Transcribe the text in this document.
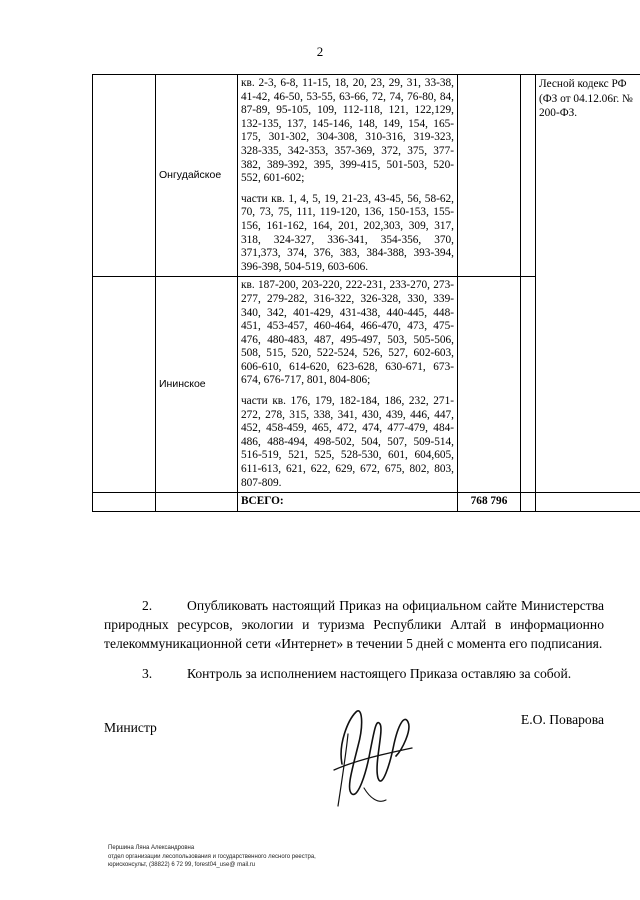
2
	Онгудайское	кв. 2-3, 6-8, 11-15, 18, 20, 23, 29, 31, 33-38, 41-42, 46-50, 53-55, 63-66, 72, 74, 76-80, 84, 87-89, 95-105, 109, 112-118, 121, 122,129, 132-135, 137, 145-146, 148, 149, 154, 165-175, 301-302, 304-308, 310-316, 319-323, 328-335, 342-353, 357-369, 372, 375, 377-382, 389-392, 395, 399-415, 501-503, 520-552, 601-602;

части кв. 1, 4, 5, 19, 21-23, 43-45, 56, 58-62, 70, 73, 75, 111, 119-120, 136, 150-153, 155-156, 161-162, 164, 201, 202,303, 309, 317, 318, 324-327, 336-341, 354-356, 370, 371,373, 374, 376, 383, 384-388, 393-394, 396-398, 504-519, 603-606.			Лесной кодекс РФ (ФЗ от 04.12.06г. № 200-ФЗ.
	Ининское	кв. 187-200, 203-220, 222-231, 233-270, 273-277, 279-282, 316-322, 326-328, 330, 339-340, 342, 401-429, 431-438, 440-445, 448-451, 453-457, 460-464, 466-470, 473, 475-476, 480-483, 487, 495-497, 503, 505-506, 508, 515, 520, 522-524, 526, 527, 602-603, 606-610, 614-620, 623-628, 630-671, 673-674, 676-717, 801, 804-806;

части кв. 176, 179, 182-184, 186, 232, 271-272, 278, 315, 338, 341, 430, 439, 446, 447, 452, 458-459, 465, 472, 474, 477-479, 484-486, 488-494, 498-502, 504, 507, 509-514, 516-519, 521, 525, 528-530, 601, 604,605, 611-613, 621, 622, 629, 672, 675, 802, 803, 807-809.			

		ВСЕГО:	768 796		
2.	Опубликовать настоящий Приказ на официальном сайте Министерства природных ресурсов, экологии и туризма Республики Алтай в информационно телекоммуникационной сети «Интернет» в течении 5 дней с момента его подписания.
3.	Контроль за исполнением настоящего Приказа оставляю за собой.
Министр
Е.О. Поварова
Першина Ляна Александровна
отдел организации лесопользования и государственного лесного реестра,
юрисконсульт, (38822) 6 72 99, forest04_use@ mail.ru
